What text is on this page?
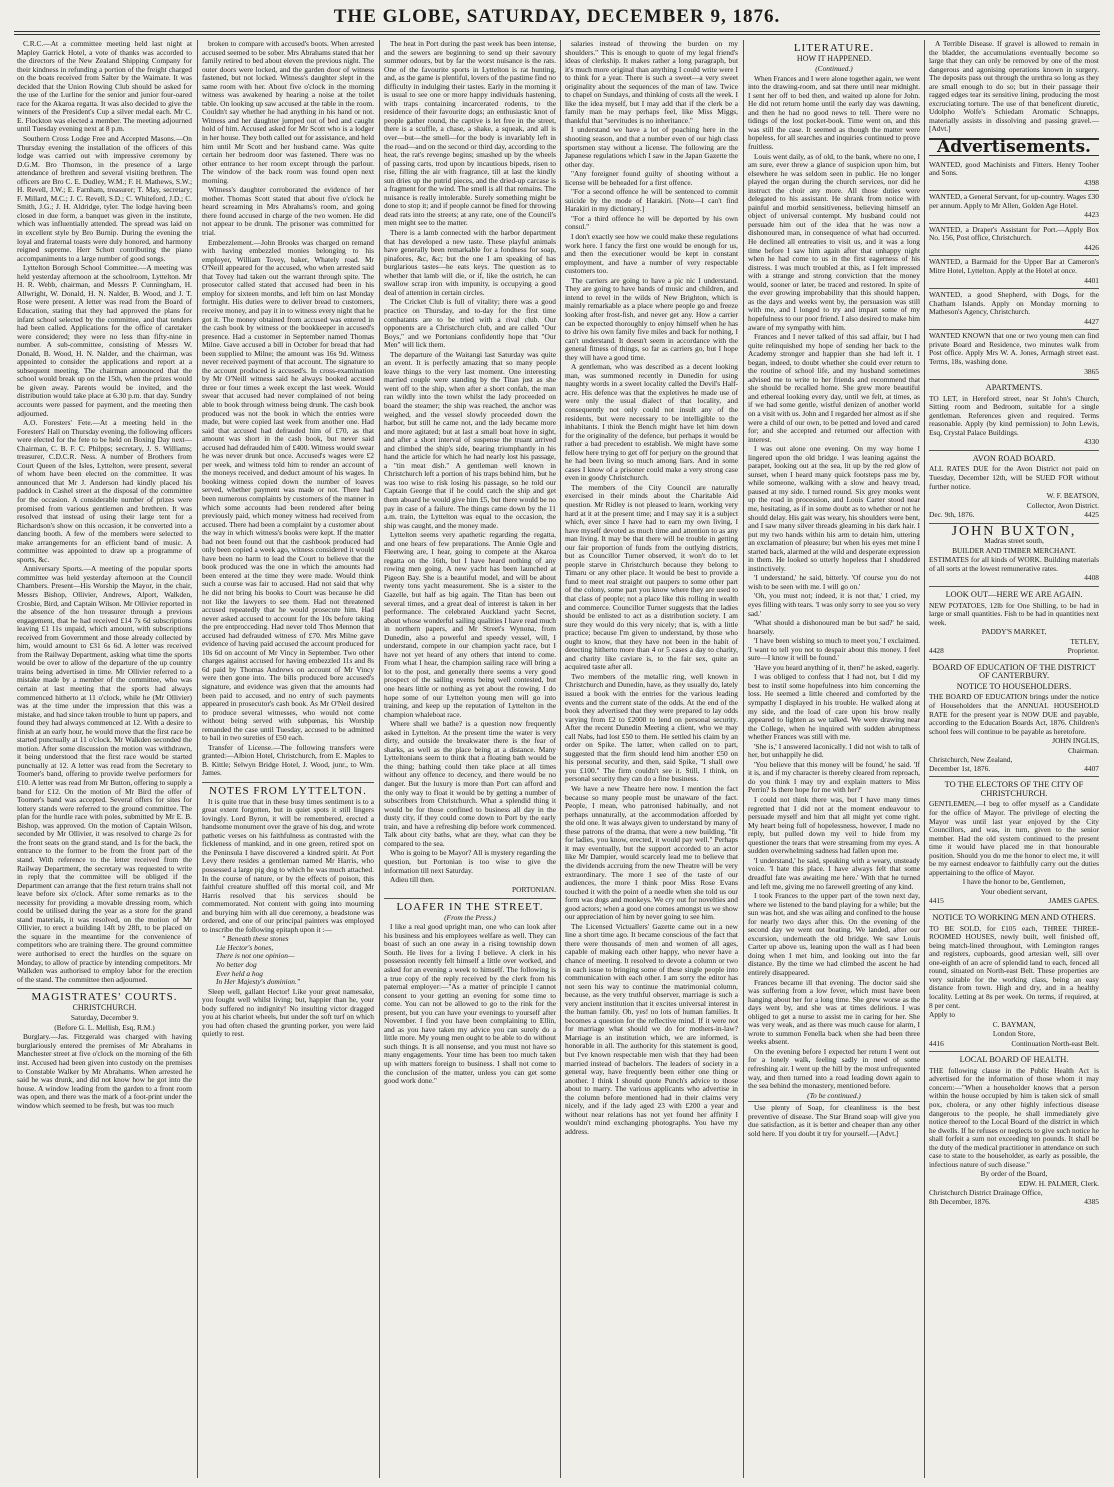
THE GLOBE, SATURDAY, DECEMBER 9, 1876.

C.R.C.—At a committee meeting held last night at Mapley Garrick Hotel, a vote of thanks was accorded to the directors of the New Zealand Shipping Company for their kindness in refunding a portion of the freight charged on the boats received from Salter by the Waimate. It was decided that the Union Rowing Club should be asked for the use of the Lurline for the senior and junior four-oared race for the Akaroa regatta. It was also decided to give the winners of the President's Cup a silver medal each. Mr C. E. Flockton was elected a member. The meeting adjourned until Tuesday evening next at 8 p.m.

Southern Cross Lodge Free and Accepted Masons.—On Thursday evening the installation of the officers of this lodge was carried out with impressive ceremony by D.G.M. Bro Thomson, in the presence of a large attendance of brethren and several visiting brethren. The officers are Bro C. E. Dudley, W.M.; F. H. Mathews, S.W.; H. Revell, J.W.; E. Farnham, treasurer; T. May, secretary; F. Millard, M.C.; J. C. Revell, S.D.; C. Whiteford, J.D.; C. Smith, J.G.; J. H. Aldridge, tyler. The lodge having been closed in due form, a banquet was given in the institute, which was influentially attended. The spread was laid on in excellent style by Bro Burnip. During the evening the loyal and fraternal toasts were duly honored, and harmony reigned supreme. Herr Schott contributing the piano accompaniments to a large number of good songs.

Lyttelton Borough School Committee.—A meeting was held yesterday afternoon at the schoolroom, Lyttelton. Mr H. R. Webb, chairman, and Messrs P. Cunningham, H. Allwright, W. Donald, H. N. Nalder, B. Wood, and J. T. Rose were present. A letter was read from the Board of Education, stating that they had approved the plans for infant school selected by the committee, and that tenders had been called. Applications for the office of caretaker were considered; they were no less than fifty-nine in number. A sub-committee, consisting of Messrs W. Donald, B. Wood, H. N. Nalder, and the chairman, was appointed to consider the applications and report at a subsequent meeting. The chairman announced that the school would break up on the 15th, when the prizes would be given away. Parents would be invited, and the distribution would take place at 6.30 p.m. that day. Sundry accounts were passed for payment, and the meeting then adjourned.

A.O. Foresters' Fete.—At a meeting held in the Foresters' Hall on Thursday evening, the following officers were elected for the fete to be held on Boxing Day next—Chairman, C. B. F. C. Philpps; secretary, J. S. Williams; treasurer, C.D.C.R. Ness. A number of Brothers from Court Queen of the Isles, Lyttelton, were present, several of whom have been elected on the committee. It was announced that Mr J. Anderson had kindly placed his paddock in Cashel street at the disposal of the committee for the occasion. A considerable number of prizes were promised from various gentlemen and brethren. It was resolved that instead of using their large tent for a Richardson's show on this occasion, it be converted into a dancing booth. A few of the members were selected to make arrangements for an efficient band of music. A committee was appointed to draw up a programme of sports, &c.

Anniversary Sports.—A meeting of the popular sports committee was held yesterday afternoon at the Council Chambers. Present—His Worship the Mayor, in the chair, Messrs Bishop, Ollivier, Andrews, Alport, Walkden, Crosbie, Bird, and Captain Wilson. Mr Ollivier reported in the absence of the hon treasurer through a previous engagement, that he had received £14 7s 6d subscriptions leaving £1 11s unpaid, which amount, with subscriptions received from Government and those already collected by him, would amount to £31 6s 6d. A letter was received from the Railway Department, asking what time the sports would be over to allow of the departure of the up country trains being advertised in time. Mr Ollivier referred to a mistake made by a member of the committee, who was certain at last meeting that the sports had always commenced hitherto at 11 o'clock, while he (Mr Ollivier) was at the time under the impression that this was a mistake, and had since taken trouble to hunt up papers, and found they had always commenced at 12. With a desire to finish at an early hour, he would move that the first race be started punctually at 11 o'clock. Mr Walkden seconded the motion. After some discussion the motion was withdrawn, it being understood that the first race would be started punctually at 12. A letter was read from the Secretary to Toomer's band, offering to provide twelve performers for £10. A letter was read from Mr Button, offering to supply a band for £12. On the motion of Mr Bird the offer of Toomer's band was accepted. Several offers for sites for lottery stands were referred to the ground committee. The plan for the hurdle race with poles, submitted by Mr E. B. Bishop, was approved. On the motion of Captain Wilson, seconded by Mr Ollivier, it was resolved to charge 2s for the front seats on the grand stand, and 1s for the back, the entrance to the former to be from the front part of the stand. With reference to the letter received from the Railway Department, the secretary was requested to write in reply that the committee will be obliged if the Department can arrange that the first return trains shall not leave before six o'clock. After some remarks as to the necessity for providing a movable dressing room, which could be utilised during the year as a store for the grand stand materials, it was resolved, on the motion of Mr Ollivier, to erect a building 14ft by 28ft, to be placed on the square in the meantime for the convenience of competitors who are training there. The ground committee were authorised to erect the hurdles on the square on Monday, to allow of practice by intending competitors. Mr Walkden was authorised to employ labor for the erection of the stand. The committee then adjourned.

MAGISTRATES' COURTS.
CHRISTCHURCH.
Saturday, December 9.
(Before G. L. Mellish, Esq, R.M.)

Burglary.—Jas. Fitzgerald was charged with having burglariously entered the premises of Mr Abrahams in Manchester street at five o'clock on the morning of the 6th inst. Accused had been given into custody on the premises to Constable Walker by Mr Abrahams. When arrested he said he was drunk, and did not know how he got into the house. A window leading from the garden to a front room was open, and there was the mark of a foot-print under the window which seemed to be fresh, but was too much

broken to compare with accused's boots. When arrested accused seemed to be sober. Mrs Abrahams stated that her family retired to bed about eleven the previous night. The outer doors were locked, and the garden door of witness fastened, but not locked. Witness's daughter slept in the same room with her. About five o'clock in the morning witness was awakened by hearing a noise at the toilet table. On looking up saw accused at the table in the room. Couldn't say whether he had anything in his hand or not. Witness and her daughter jumped out of bed and caught hold of him. Accused asked for Mr Scott who is a lodger in her house. They both called out for assistance, and held him until Mr Scott and her husband came. Was quite certain her bedroom door was fastened. There was no other entrance to her room except through the parlour. The window of the back room was found open next morning.

Witness's daughter corroborated the evidence of her mother. Thomas Scott stated that about five o'clock he heard screaming in Mrs Abrahams's room, and going there found accused in charge of the two women. He did not appear to be drunk. The prisoner was committed for trial.

Embezzlement.—John Brooks was charged on remand with having embezzled monies belonging to his employer, William Tovey, baker, Whately road. Mr O'Neill appeared for the accused, who when arrested said that Tovey had taken out the warrant through spite. The prosecutor called stated that accused had been in his employ for sixteen months, and left him on last Monday fortnight. His duties were to deliver bread to customers, receive money, and pay it in to witness every night that he got it. The money obtained from accused was entered in the cash book by witness or the bookkeeper in accused's presence. Had a customer in September named Thomas Milne. Gave accused a bill in October for bread that had been supplied to Milne; the amount was 16s 9d. Witness never received payment of that account. The signature to the account produced is accused's. In cross-examination by Mr O'Neill witness said he always booked accused three or four times a week except the last week. Would swear that accused had never complained of not being able to book through witness being drunk. The cash book produced was not the book in which the entries were made, but were copied last week from another one. Had said that accused had defrauded him of £70, as that amount was short in the cash book, but never said accused had defrauded him of £400. Witness would swear he was never drunk but once. Accused's wages were £2 per week, and witness told him to render an account of the moneys received, and deduct amount of his wages. In booking witness copied down the number of loaves served, whether payment was made or not. There had been numerous complaints by customers of the manner in which some accounts had been rendered after being previously paid, which money witness had received from accused. There had been a complaint by a customer about the way in which witness's books were kept. If the matter had not been found out that the cashbook produced had only been copied a week ago, witness considered it would have been no harm to lead the Court to believe that the book produced was the one in which the amounts had been entered at the time they were made. Would think such a course was fair to accused. Had not said that why he did not bring his books to Court was because he did not like the lawyers to see them. Had not threatened accused repeatedly that he would prosecute him. Had never asked accused to account for the 10s before taking the pre entprocceding. Had never told Thos Mennon that accused had defrauded witness of £70. Mrs Milne gave evidence of having paid accused the account produced for 10s 6d on account of Mr Vincy in September. Two other charges against accused for having embezzled 11s and 8s 6d paid by Thomas Andrews on account of Mr Vincy were then gone into. The bills produced bore accused's signature, and evidence was given that the amounts had been paid to accused, and no entry of such payments appeared in prosecutor's cash book. As Mr O'Neil desired to produce several witnesses, who would not come without being served with subpœnas, his Worship remanded the case until Tuesday, accused to be admitted to bail in two sureties of £50 each.

Transfer of License.—The following transfers were granted:—Albion Hotel, Christchurch, from E. Maples to B. Kittle; Selwyn Bridge Hotel, J. Wood, junr., to Wm. James.

NOTES FROM LYTTELTON.

It is quite true that in these busy times sentiment is to a great extent forgotten, but in quiet spots it still lingers lovingly. Lord Byron, it will be remembered, erected a handsome monument over the grave of his dog, and wrote pathetic verses on his faithfulness as contrasted with the fickleness of mankind, and in one green, retired spot on the Peninsula I have discovered a kindred spirit. At Port Levy there resides a gentleman named Mr Harris, who possessed a large pig dog to which he was much attached. In the course of nature, or by the effects of poison, this faithful creature shuffled off this mortal coil, and Mr Harris resolved that his services should be commemorated. Not content with going into mourning and burying him with all due ceremony, a headstone was ordered, and one of our principal painters was employed to inscribe the following epitaph upon it :—

" Beneath these stones
Lie Hector's bones,
There is not one opinion—
No better dog
Ever held a hog
In Her Majesty's dominion."

Sleep well, gallant Hector! Like your great namesake, you fought well whilst living; but, happier than he, your body suffered no indignity! No insulting victor dragged you at his chariot wheels, but under the soft turf on which you had often chased the grunting porker, you were laid quietly to rest.

The heat in Port during the past week has been intense, and the sewers are beginning to send up their savoury summer odours, but by far the worst nuisance is the rats. One of the favourite sports in Lyttelton is rat hunting, and, as the game is plentiful, lovers of the pastime find no difficulty in indulging their tastes. Early in the morning it is usual to see one or more happy individuals hastening, with traps containing incarcerated rodents, to the residence of their favourite dogs; an enthusiastic knot of people gather round, the captive is let free in the street, there is a scuffle, a chase, a shake, a squeak, and all is over—but—the smell—for the body is invariably left in the road—and on the second or third day, according to the heat, the rat's revenge begins; smashed up by the wheels of passing carts, trod upon by incautious bipeds, risen to rise, filling the air with fragrance, till at last the kindly sun dries up the putrid pieces, and the dried-up carcase is a fragment for the wind. The smell is all that remains. The nuisance is really intolerable. Surely something might be done to stop it; and if people cannot be fined for throwing dead rats into the streets; at any rate, one of the Council's men might see to the matter.

There is a lamb connected with the harbor department that has developed a new taste. These playful animals have generally been remarkable for a fondness for soap, pinafores, &c, &c; but the one I am speaking of has burglarious tastes—he eats keys. The question as to whether that lamb will die, or if, like the ostrich, he can swallow scrap iron with impunity, is occupying a good deal of attention in certain circles.

The Cricket Club is full of vitality; there was a good practice on Thursday, and to-day for the first time combatants are to be tried with a rival club. Our opponents are a Christchurch club, and are called "Our Boys," and we Portonians confidently hope that "Our Men" will lick them.

The departure of the Waitangi last Saturday was quite an event. It is perfectly amazing that so many people leave things to the very last moment. One interesting married couple were standing by the Titan just as she went off to the ship, when after a short confab, the man ran wildly into the town whilst the lady proceeded on board the steamer; the ship was reached, the anchor was weighed, and the vessel slowly proceeded down the harbor, but still he came not, and the lady became more and more agitated; but at last a small boat hove in sight, and after a short interval of suspense the truant arrived and climbed the ship's side, bearing triumphantly in his hand the article for which he had nearly lost his passage, a "tin meat dish." A gentleman well known in Christchurch left a portion of his traps behind him, but he was too wise to risk losing his passage, so he told our Captain George that if he could catch the ship and get them aboard he would give him £5, but there would be no pay in case of a failure. The things came down by the 11 a.m. train, the Lyttelton was equal to the occasion, the ship was caught, and the money made.

Lyttelton seems very apathetic regarding the regatta, and one hears of few preparations. The Annie Ogle and Fleetwing are, I hear, going to compete at the Akaroa regatta on the 16th, but I have heard nothing of any rowing men going. A new yacht has been launched at Pigeon Bay. She is a beautiful model, and will be about twenty tons yacht measurement. She is a sister to the Gazelle, but half as big again. The Titan has been out several times, and a great deal of interest is taken in her performance. The celebrated Auckland yacht Secret, about whose wonderful sailing qualities I have read much in northern papers, and Mr Street's Wynona, from Dunedin, also a powerful and speedy vessel, will, I understand, compete in our champion yacht race, but I have not yet heard of any others that intend to come. From what I hear, the champion sailing race will bring a lot to the post, and generally there seems a very good prospect of the sailing events being well contested, but one hears little or nothing as yet about the rowing. I do hope some of our Lyttelton young men will go into training, and keep up the reputation of Lyttelton in the champion whaleboat race.

Where shall we bathe? is a question now frequently asked in Lyttelton. At the present time the water is very dirty, and outside the breakwater there is the fear of sharks, as well as the place being at a distance. Many Lytteltonians seem to think that a floating bath would be the thing; bathing could then take place at all times without any offence to decency, and there would be no danger. But the luxury is more than Port can afford and the only way to float it would be by getting a number of subscribers from Christchurch. What a splendid thing it would be for those confined to business all day in the dusty city, if they could come down to Port by the early train, and have a refreshing dip before work commenced. Talk about city baths, what are they, what can they be compared to the sea.

Who is going to be Mayor? All is mystery regarding the question, but Portonian is too wise to give the information till next Saturday.

Adieu till then.

PORTONIAN.
LOAFER IN THE STREET.
(From the Press.)

I like a real good upright man, one who can look after his business and his employees welfare as well. They can boast of such an one away in a rising township down South. He lives for a living I believe. A clerk in his possession recently felt himself a little over worked, and asked for an evening a week to himself. The following is a true copy of the reply received by the clerk from his paternal employer:—"As a matter of principle I cannot consent to your getting an evening for some time to come. You can not be allowed to go to the rink for the present, but you can have your evenings to yourself after November. I find you have been complaining to Ellin, and as you have taken my advice you can surely do a little more. My young men ought to be able to do without such things. It is all nonsense, and you must not have so many engagements. Your time has been too much taken up with matters foreign to business. I shall not come to the conclusion of the matter, unless you can get some good work done."

salaries instead of throwing the burden on my shoulders." This is enough to quote of my legal friend's ideas of clerkship. It makes rather a long paragraph, but it's much more original than anything I could write were I to think for a year. There is such a sweet—a very sweet originality about the sequences of the man of law. Twice to chapel on Sundays, and thinking of costs all the week. I like the idea myself, but I may add that if the clerk be a family man he may perhaps feel, like Miss Miggs, thankful that "servitudes is no inheritance."

I understand we have a lot of poaching here in the shooting season, and that a number even of our high class sportsmen stay without a license. The following are the Japanese regulations which I saw in the Japan Gazette the other day.

"Any foreigner found guilty of shooting without a license will be beheaded for a first offence.

"For a second offence he will be sentenced to commit suicide by the mode of Harakiri. [Note—I can't find Harakiri in my dictionary.]

"For a third offence he will be deported by his own consul."

I don't exactly see how we could make these regulations work here. I fancy the first one would be enough for us, and then the executioner would be kept in constant employment, and have a number of very respectable customers too.

The carriers are going to have a pic nic I understand. They are going to have bands of music and children, and intend to revel in the wilds of New Brighton, which is mainly remarkable as a place where people go and freeze looking after frost-fish, and never get any. How a carrier can be expected thoroughly to enjoy himself when he has to drive his own family five miles and back for nothing, I can't understand. It doesn't seem in accordance with the general fitness of things, so far as carriers go, but I hope they will have a good time.

A gentleman, who was described as a decent looking man, was summoned recently in Dunedin for using naughty words in a sweet locality called the Devil's Half-acre. His defence was that the expletives he made use of were only the usual dialect of that locality, and consequently not only could not insult any of the residents, but were necessary to be intelligible to the inhabitants. I think the Bench might have let him down for the originality of the defence, but perhaps it would be rather a bad precedent to establish. We might have some fellow here trying to get off for perjury on the ground that he had been living so much among liars. And in some cases I know of a prisoner could make a very strong case even in goody Christchurch.

The members of the City Council are naturally exercised in their minds about the Charitable Aid question. Mr Ridley is not pleased to learn, working very hard at it at the present time; and I may say it is a subject which, ever since I have had to earn my own living, I have myself devoted as much time and attention to as any man living. It may be that there will be trouble in getting our fair proportion of funds from the outlying districts, but as Councillor Turner observed, it won't do to let people starve in Christchurch because they belong to Timaru or any other place. It would be best to provide a fund to meet real straight out paupers to some other part of the colony, some part you know where they are used to that class of people; not a place like this rolling in wealth and commerce. Councillor Turner suggests that the ladies should be enlisted to act as a distribution society. I am sure they would do this very nicely; that is, with a little practice; because I'm given to understand, by those who ought to know, that they have not been in the habit of detecting hitherto more than 4 or 5 cases a day to charity, and charity like caviare is, to the fair sex, quite an acquired taste after all.

Two members of the metallic ring, well known in Christchurch and Dunedin, have, as they usually do, lately issued a book with the entries for the various leading events and the current state of the odds. At the end of the book they advertised that they were prepared to lay odds varying from £2 to £2000 to lend on personal security. After the recent Dunedin Meeting a client, who we may call Nabs, had lost £50 to them. He settled his claim by an order on Spike. The latter, when called on to part, suggested that the firm should lend him another £50 on his personal security, and then, said Spike, "I shall owe you £100." The firm couldn't see it. Still, I think, on personal security they can do a fine business.

We have a new Theatre here now. I mention the fact because so many people must be unaware of the fact. People, I mean, who patronised habitually, and not perhaps unnaturally, at the accommodation afforded by the old one. It was always given to understand by many of these patrons of the drama, that were a new building, "fit for ladies, you know, erected, it would pay well." Perhaps it may eventually, but the support accorded to an actor like Mr Dampier, would scarcely lead me to believe that the dividends accruing from the new Theatre will be very extraordinary. The more I see of the taste of our audiences, the more I think poor Miss Rose Evans touched it with the point of a needle when she told us our form was dogs and monkeys. We cry out for novelties and good actors; when a good one comes amongst us we show our appreciation of him by never going to see him.

The Licensed Victuallers' Gazette came out in a new line a short time ago. It became conscious of the fact that there were thousands of men and women of all ages, capable of making each other happy, who never have a chance of meeting. It resolved to devote a column or two in each issue to bringing some of these single people into communication with each other. I am sorry the editor has not seen his way to continue the matrimonial column, because, as the very truthful observer, marriage is such a very ancient institution that it excites universal interest in the human family. Oh, yes! no lots of human families. It becomes a question for the reflective mind. If it were not for marriage what should we do for mothers-in-law? Marriage is an institution which, we are informed, is honorable in all. The authority for this statement is good, but I've known respectable men wish that they had been married instead of bachelors. The leaders of society in a general way, have frequently been either one thing or another. I think I should quote Punch's advice to those about to marry. The various applicants who advertise in the column before mentioned had in their claims very nicely, and if the lady aged 23 with £200 a year and without near relations has not yet found her affinity I wouldn't mind exchanging photographs. You have my address.

LITERATURE.
HOW IT HAPPENED.
(Continued.)

When Frances and I were alone together again, we went into the drawing-room, and sat there until near midnight. I sent her off to bed then, and waited up alone for John. He did not return home until the early day was dawning, and then he had no good news to tell. There were no tidings of the lost pocket-book. Time went on, and this was still the case. It seemed as though the matter were hopeless, for all searches and inquiries continued to prove fruitless.

Louis went daily, as of old, to the bank, where no one, I am sure, ever threw a glance of suspicion upon him, but elsewhere he was seldom seen in public. He no longer played the organ during the church services, nor did he instruct the choir any more. All those duties were delegated to his assistant. He shrank from notice with painful and morbid sensitiveness, believing himself an object of universal contempt. My husband could not persuade him out of the idea that he was now a dishonoured man, in consequence of what had occurred. He declined all entreaties to visit us, and it was a long time before I saw him again after that unhappy night when he had come to us in the first eagerness of his distress. I was much troubled at this, as I felt impressed with a strange and strong conviction that the money would, sooner or later, be traced and restored. In spite of the ever growing improbability that this should happen, as the days and weeks went by, the persuasion was still with me, and I longed to try and impart some of my hopefulness to our poor friend. I also desired to make him aware of my sympathy with him.

Frances and I never talked of this sad affair, but I had quite relinquished my hope of sending her back to the Academy stronger and happier than she had left it. I began, indeed, to doubt whether she could ever return to the routine of school life, and my husband sometimes advised me to write to her friends and recommend that she should be recalled home. She grew more beautiful and ethereal looking every day, until we felt, at times, as if we had some gentle, wistful denizen of another world on a visit with us. John and I regarded her almost as if she were a child of our own, to be petted and loved and cared for; and she accepted and returned our affection with interest.

I was out alone one evening. On my way home I lingered upon the old bridge. I was leaning against the parapet, looking out at the sea, lit up by the red glow of sunset, when I heard many quick footsteps pass me by, while someone, walking with a slow and heavy tread, paused at my side. I turned round. Six grey monks went up the road in procession, and Louis Carter stood near me, hesitating, as if in some doubt as to whether or not he should delay. His gait was weary, his shoulders were bent, and I saw many silver threads gleaming in his dark hair. I put my two hands within his arm to detain him, uttering an exclamation of pleasure; but when his eyes met mine I started back, alarmed at the wild and desperate expression in them. He looked so utterly hopeless that I shuddered instinctively.

'I understand,' he said, bitterly. 'Of course you do not wish to be seen with me. I will go on.'

'Oh, you must not; indeed, it is not that,' I cried, my eyes filling with tears. 'I was only sorry to see you so very sad.'

'What should a dishonoured man be but sad?' he said, hoarsely.

'I have been wishing so much to meet you,' I exclaimed. 'I want to tell you not to despair about this money. I feel sure—I know it will be found.'

'Have you heard anything of it, then?' he asked, eagerly.

I was obliged to confess that I had not, but I did my best to instil some hopefulness into him concerning the loss. He seemed a little cheered and comforted by the sympathy I displayed in his trouble. He walked along at my side, and the load of care upon his brow really appeared to lighten as we talked. We were drawing near the College, when he inquired with sudden abruptness whether Frances was still with me.

'She is,' I answered laconically. I did not wish to talk of her, but unhappily he did.

'You believe that this money will be found,' he said. 'If it is, and if my character is thereby cleared from reproach, do you think I may try and explain matters to Miss Perrin? Is there hope for me with her?'

I could not think there was, but I have many times regretted that I did not at the moment endeavour to persuade myself and him that all might yet come right. My heart being full of hopelessness, however, I made no reply, but pulled down my veil to hide from my questioner the tears that were streaming from my eyes. A sudden overwhelming sadness had fallen upon me.

'I understand,' he said, speaking with a weary, unsteady voice. 'I hate this place. I have always felt that some dreadful fate was awaiting me here.' With that he turned and left me, giving me no farewell greeting of any kind.

I took Frances to the upper part of the town next day, where we listened to the band playing for a while; but the sun was hot, and she was ailing and confined to the house for nearly two days after this. On the evening of the second day we went out boating. We landed, after our excursion, underneath the old bridge. We saw Louis Carter up above us, leaning upon the wall as I had been doing when I met him, and looking out into the far distance. By the time we had climbed the ascent he had entirely disappeared.

Frances became ill that evening. The doctor said she was suffering from a low fever, which must have been hanging about her for a long time. She grew worse as the days went by, and she was at times delirious. I was obliged to get a nurse to assist me in caring for her. She was very weak, and as there was much cause for alarm, I wrote to summon Fenella back when she had been three weeks absent.

On the evening before I expected her return I went out for a lonely walk, feeling sadly in need of some refreshing air. I went up the hill by the most unfrequented way, and then turned into a road leading down again to the sea behind the monastery, mentioned before.

(To be continued.)

Use plenty of Soap, for cleanliness is the best preventive of disease. The Star Brand soap will give you due satisfaction, as it is better and cheaper than any other sold here. If you doubt it try for yourself.—[Advt.]

A Terrible Disease. If gravel is allowed to remain in the bladder, the accumulations eventually become so large that they can only be removed by one of the most dangerous and agonising operations known in surgery. The deposits pass out through the urethra so long as they are small enough to do so; but in their passage their ragged edges tear its sensitive lining, producing the most excruciating torture. The use of that beneficent diuretic, Udolpho Wolfe's Schiedam Aromatic Schnapps, materially assists in dissolving and passing gravel.—[Advt.]

Advertisements.

WANTED, good Machinists and Fitters. Henry Tooher and Sons.

4398

WANTED, a General Servant, for up-country. Wages £30 per annum. Apply to Mr Allen, Golden Age Hotel.

4423

WANTED, a Draper's Assistant for Port.—Apply Box No. 156, Post office, Christchurch.

4426

WANTED, a Barmaid for the Upper Bar at Cameron's Mitre Hotel, Lyttelton. Apply at the Hotel at once.

4401

WANTED, a good Shepherd, with Dogs, for the Chatham Islands. Apply on Monday morning to Matheson's Agency, Christchurch.

4427

WANTED KNOWN that one or two young men can find private Board and Residence, two minutes walk from Post office. Apply Mrs W. A. Jones, Armagh street east. Terms, 18s, washing done.

3865
APARTMENTS.

TO LET, in Hereford street, near St John's Church, Sitting room and Bedroom, suitable for a single gentleman. References given and required. Terms reasonable. Apply (by kind permission) to John Lewis, Esq, Crystal Palace Buildings.

4330
AVON ROAD BOARD.

ALL RATES DUE for the Avon District not paid on Tuesday, December 12th, will be SUED FOR without further notice.

W. F. BEATSON,
Collector, Avon District.
Dec. 9th, 1876.	4425
JOHN BUXTON,
Madras street south,
BUILDER AND TIMBER MERCHANT.

ESTIMATES for all kinds of WORK. Building materials of all sorts at the lowest remunerative rates.

4408
LOOK OUT—HERE WE ARE AGAIN.

NEW POTATOES, 12lb for One Shilling, to be had in large or small quantities. Fish to be had in quantities next week.

PADDY'S MARKET,
TETLEY,
4428	Proprietor.
BOARD OF EDUCATION OF THE DISTRICT OF CANTERBURY.
NOTICE TO HOUSEHOLDERS.

THE BOARD OF EDUCATION brings under the notice of Householders that the ANNUAL HOUSEHOLD RATE for the present year is NOW DUE and payable, according to the Education Boards Act, 1876. Children's school fees will continue to be payable as heretofore.

JOHN INGLIS,
Chairman.
Christchurch, New Zealand,
December 1st, 1876.	4407
TO THE ELECTORS OF THE CITY OF CHRISTCHURCH.

GENTLEMEN,—I beg to offer myself as a Candidate for the office of Mayor. The privilege of electing the Mayor was until last year enjoyed by the City Councillors, and was, in turn, given to the senior member. Had the old system continued to the present time it would have placed me in that honourable position. Should you do me the honor to elect me, it will be my earnest endeavor to faithfully carry out the duties appertaining to the office of Mayor.

I have the honor to be, Gentlemen,
Your obedient servant,
4415	JAMES GAPES.
NOTICE TO WORKING MEN AND OTHERS.

TO BE SOLD, for £105 each, THREE THREE-ROOMED HOUSES, newly built, well finished off, being match-lined throughout, with Lemington ranges and registers, cupboards, good artesian well, sill over one-eighth of an acre of splendid land to each, fenced all round, situated on North-east Belt. These properties are very suitable for the working class, being an easy distance from town. High and dry, and in a healthy locality. Letting at 8s per week. On terms, if required, at 8 per cent.

Apply to
C. BAYMAN,
London Store,
4416	Continuation North-east Belt.
LOCAL BOARD OF HEALTH.

THE following clause in the Public Health Act is advertised for the information of those whom it may concern:—"When a householder knows that a person within the house occupied by him is taken sick of small pox, cholera, or any other highly infectious disease dangerous to the people, he shall immediately give notice thereof to the Local Board of the district in which he dwells. If he refuses or neglects to give such notice he shall forfeit a sum not exceeding ten pounds. It shall be the duty of the medical practitioner in attendance on such case to state to the householder, as early as possible, the infectious nature of such disease."

By order of the Board,
EDW. H. PALMER, Clerk.
Christchurch District Drainage Office,
8th December, 1876.	4385
